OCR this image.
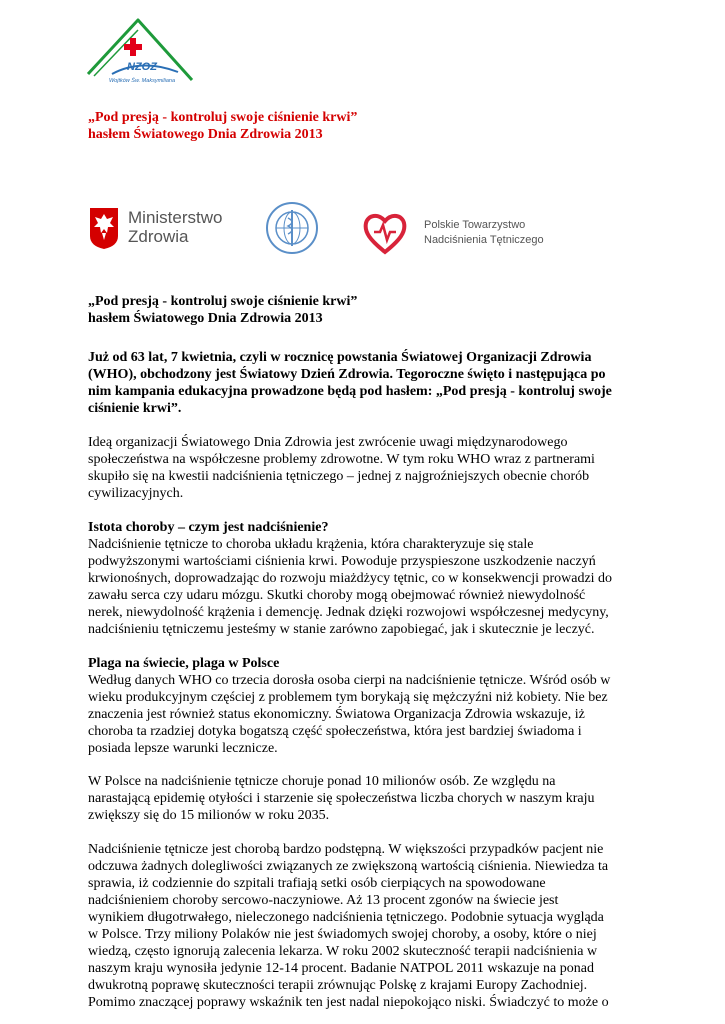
NZOZ
Wojtków Św. Maksymiliana
„Pod presją - kontroluj swoje ciśnienie krwi”
hasłem Światowego Dnia Zdrowia 2013
Ministerstwo
Zdrowia
Polskie Towarzystwo
Nadciśnienia Tętniczego
„Pod presją - kontroluj swoje ciśnienie krwi”
hasłem Światowego Dnia Zdrowia 2013
Już od 63 lat, 7 kwietnia, czyli w rocznicę powstania Światowej Organizacji Zdrowia
(WHO), obchodzony jest Światowy Dzień Zdrowia. Tegoroczne święto i następująca po
nim kampania edukacyjna prowadzone będą pod hasłem: „Pod presją - kontroluj swoje
ciśnienie krwi”.
Ideą organizacji Światowego Dnia Zdrowia jest zwrócenie uwagi międzynarodowego
społeczeństwa na współczesne problemy zdrowotne. W tym roku WHO wraz z partnerami
skupiło się na kwestii nadciśnienia tętniczego – jednej z najgroźniejszych obecnie chorób
cywilizacyjnych.
Istota choroby – czym jest nadciśnienie?
Nadciśnienie tętnicze to choroba układu krążenia, która charakteryzuje się stale
podwyższonymi wartościami ciśnienia krwi. Powoduje przyspieszone uszkodzenie naczyń
krwionośnych, doprowadzając do rozwoju miażdżycy tętnic, co w konsekwencji prowadzi do
zawału serca czy udaru mózgu. Skutki choroby mogą obejmować również niewydolność
nerek, niewydolność krążenia i demencję. Jednak dzięki rozwojowi współczesnej medycyny,
nadciśnieniu tętniczemu jesteśmy w stanie zarówno zapobiegać, jak i skutecznie je leczyć.
Plaga na świecie, plaga w Polsce
Według danych WHO co trzecia dorosła osoba cierpi na nadciśnienie tętnicze. Wśród osób w
wieku produkcyjnym częściej z problemem tym borykają się mężczyźni niż kobiety. Nie bez
znaczenia jest również status ekonomiczny. Światowa Organizacja Zdrowia wskazuje, iż
choroba ta rzadziej dotyka bogatszą część społeczeństwa, która jest bardziej świadoma i
posiada lepsze warunki lecznicze.
W Polsce na nadciśnienie tętnicze choruje ponad 10 milionów osób. Ze względu na
narastającą epidemię otyłości i starzenie się społeczeństwa liczba chorych w naszym kraju
zwiększy się do 15 milionów w roku 2035.
Nadciśnienie tętnicze jest chorobą bardzo podstępną. W większości przypadków pacjent nie
odczuwa żadnych dolegliwości związanych ze zwiększoną wartością ciśnienia. Niewiedza ta
sprawia, iż codziennie do szpitali trafiają setki osób cierpiących na spowodowane
nadciśnieniem choroby sercowo-naczyniowe. Aż 13 procent zgonów na świecie jest
wynikiem długotrwałego, nieleczonego nadciśnienia tętniczego. Podobnie sytuacja wygląda
w Polsce. Trzy miliony Polaków nie jest świadomych swojej choroby, a osoby, które o niej
wiedzą, często ignorują zalecenia lekarza. W roku 2002 skuteczność terapii nadciśnienia w
naszym kraju wynosiła jedynie 12-14 procent. Badanie NATPOL 2011 wskazuje na ponad
dwukrotną poprawę skuteczności terapii zrównując Polskę z krajami Europy Zachodniej.
Pomimo znaczącej poprawy wskaźnik ten jest nadal niepokojąco niski. Świadczyć to może o
